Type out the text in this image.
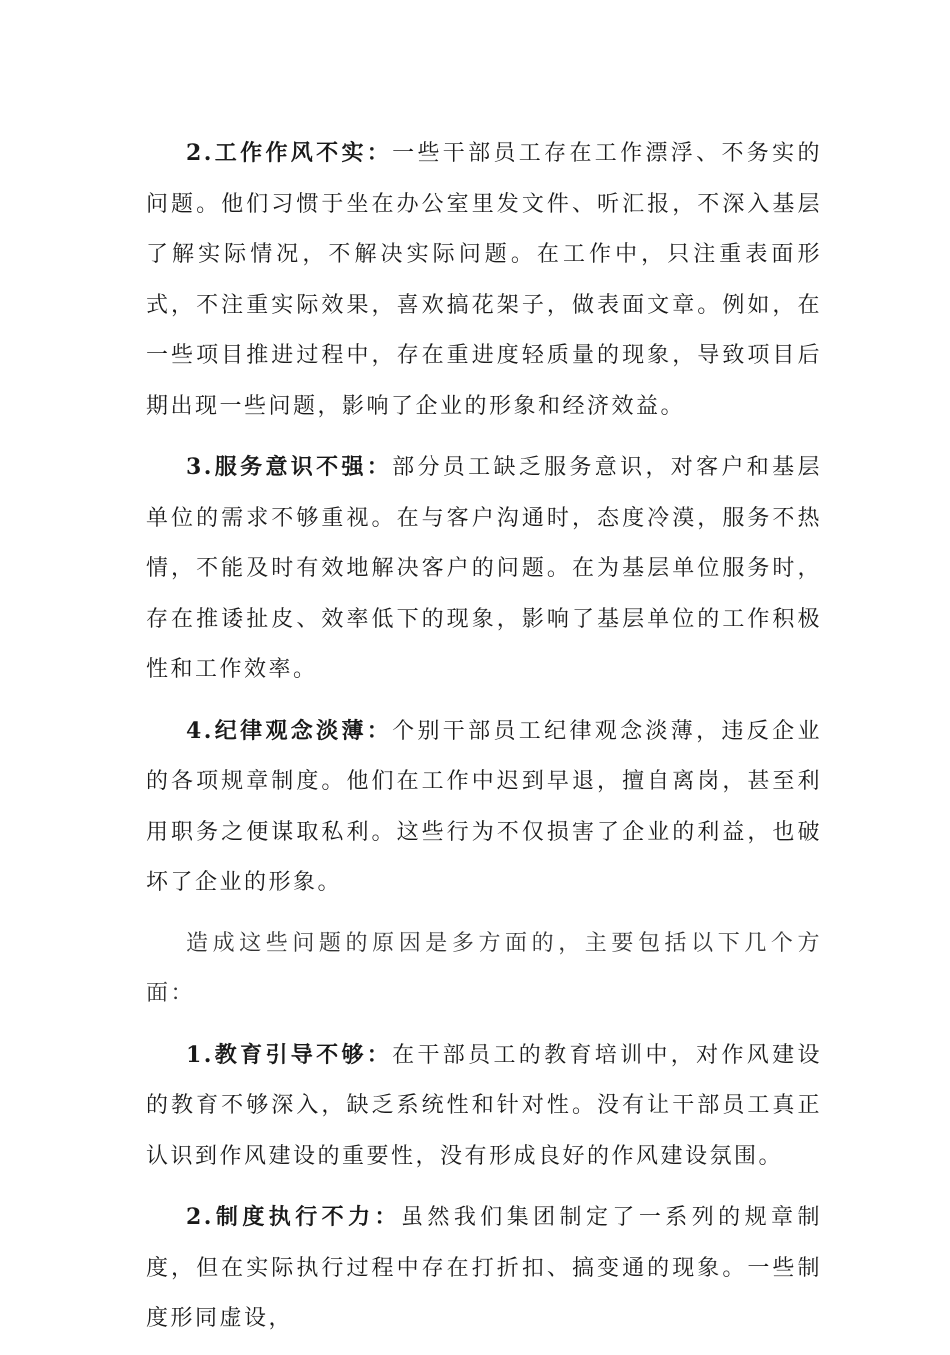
2.工作作风不实：一些干部员工存在工作漂浮、不务实的问题。他们习惯于坐在办公室里发文件、听汇报，不深入基层了解实际情况，不解决实际问题。在工作中，只注重表面形式，不注重实际效果，喜欢搞花架子，做表面文章。例如，在一些项目推进过程中，存在重进度轻质量的现象，导致项目后期出现一些问题，影响了企业的形象和经济效益。

3.服务意识不强：部分员工缺乏服务意识，对客户和基层单位的需求不够重视。在与客户沟通时，态度冷漠，服务不热情，不能及时有效地解决客户的问题。在为基层单位服务时，存在推诿扯皮、效率低下的现象，影响了基层单位的工作积极性和工作效率。

4.纪律观念淡薄：个别干部员工纪律观念淡薄，违反企业的各项规章制度。他们在工作中迟到早退，擅自离岗，甚至利用职务之便谋取私利。这些行为不仅损害了企业的利益，也破坏了企业的形象。

造成这些问题的原因是多方面的，主要包括以下几个方面：

1.教育引导不够：在干部员工的教育培训中，对作风建设的教育不够深入，缺乏系统性和针对性。没有让干部员工真正认识到作风建设的重要性，没有形成良好的作风建设氛围。

2.制度执行不力：虽然我们集团制定了一系列的规章制度，但在实际执行过程中存在打折扣、搞变通的现象。一些制度形同虚设，
